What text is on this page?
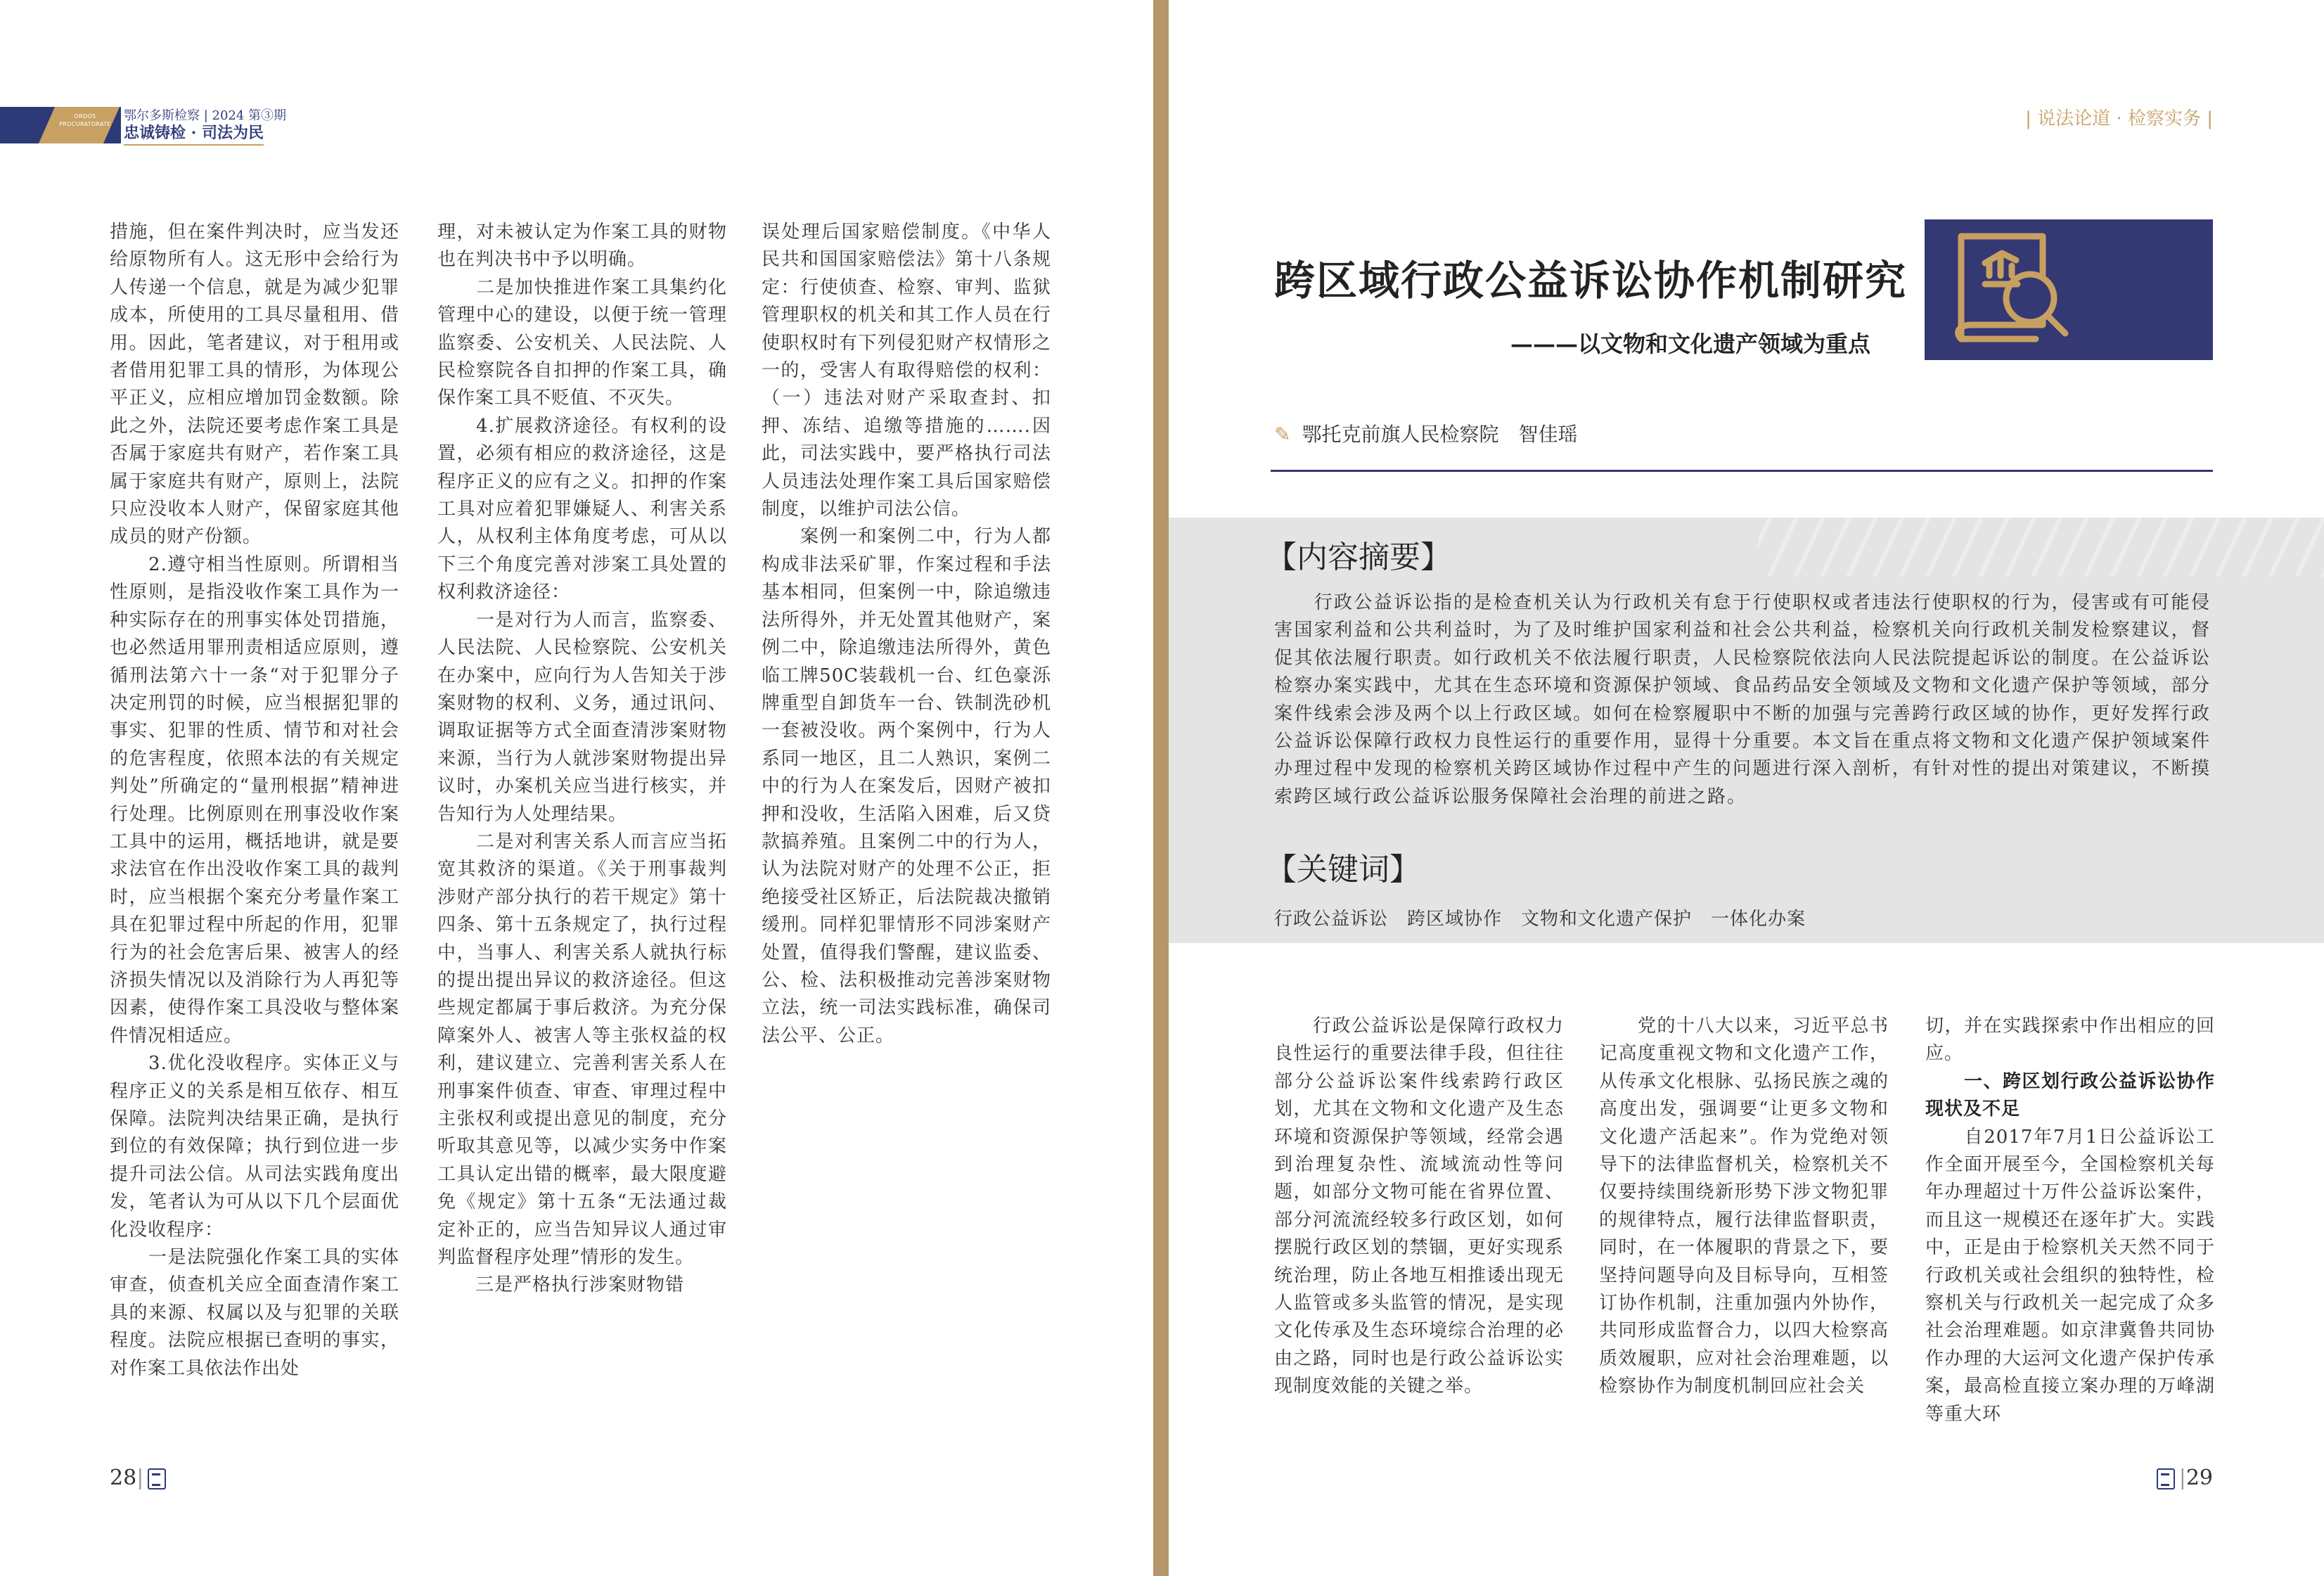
ORDOS
PROCURATORATE
鄂尔多斯检察 | 2024 第③期
忠诚铸检 · 司法为民

措施，但在案件判决时，应当发还给原物所有人。这无形中会给行为人传递一个信息，就是为减少犯罪成本，所使用的工具尽量租用、借用。因此，笔者建议，对于租用或者借用犯罪工具的情形，为体现公平正义，应相应增加罚金数额。除此之外，法院还要考虑作案工具是否属于家庭共有财产，若作案工具属于家庭共有财产，原则上，法院只应没收本人财产，保留家庭其他成员的财产份额。

　　2.遵守相当性原则。所谓相当性原则，是指没收作案工具作为一种实际存在的刑事实体处罚措施，也必然适用罪刑责相适应原则，遵循刑法第六十一条“对于犯罪分子决定刑罚的时候，应当根据犯罪的事实、犯罪的性质、情节和对社会的危害程度，依照本法的有关规定判处”所确定的“量刑根据”精神进行处理。比例原则在刑事没收作案工具中的运用，概括地讲，就是要求法官在作出没收作案工具的裁判时，应当根据个案充分考量作案工具在犯罪过程中所起的作用，犯罪行为的社会危害后果、被害人的经济损失情况以及消除行为人再犯等因素，使得作案工具没收与整体案件情况相适应。

　　3.优化没收程序。实体正义与程序正义的关系是相互依存、相互保障。法院判决结果正确，是执行到位的有效保障；执行到位进一步提升司法公信。从司法实践角度出发，笔者认为可从以下几个层面优化没收程序：

　　一是法院强化作案工具的实体审查，侦查机关应全面查清作案工具的来源、权属以及与犯罪的关联程度。法院应根据已查明的事实，对作案工具依法作出处

理，对未被认定为作案工具的财物也在判决书中予以明确。

　　二是加快推进作案工具集约化管理中心的建设，以便于统一管理监察委、公安机关、人民法院、人民检察院各自扣押的作案工具，确保作案工具不贬值、不灭失。

　　4.扩展救济途径。有权利的设置，必须有相应的救济途径，这是程序正义的应有之义。扣押的作案工具对应着犯罪嫌疑人、利害关系人，从权利主体角度考虑，可从以下三个角度完善对涉案工具处置的权利救济途径：

　　一是对行为人而言，监察委、人民法院、人民检察院、公安机关在办案中，应向行为人告知关于涉案财物的权利、义务，通过讯问、调取证据等方式全面查清涉案财物来源，当行为人就涉案财物提出异议时，办案机关应当进行核实，并告知行为人处理结果。

　　二是对利害关系人而言应当拓宽其救济的渠道。《关于刑事裁判涉财产部分执行的若干规定》第十四条、第十五条规定了，执行过程中，当事人、利害关系人就执行标的提出提出异议的救济途径。但这些规定都属于事后救济。为充分保障案外人、被害人等主张权益的权利，建议建立、完善利害关系人在刑事案件侦查、审查、审理过程中主张权利或提出意见的制度，充分听取其意见等，以减少实务中作案工具认定出错的概率，最大限度避免《规定》第十五条“无法通过裁定补正的，应当告知异议人通过审判监督程序处理”情形的发生。

　　三是严格执行涉案财物错

误处理后国家赔偿制度。《中华人民共和国国家赔偿法》第十八条规定：行使侦查、检察、审判、监狱管理职权的机关和其工作人员在行使职权时有下列侵犯财产权情形之一的，受害人有取得赔偿的权利：（一）违法对财产采取查封、扣押、冻结、追缴等措施的…….因此，司法实践中，要严格执行司法人员违法处理作案工具后国家赔偿制度，以维护司法公信。

　　案例一和案例二中，行为人都构成非法采矿罪，作案过程和手法基本相同，但案例一中，除追缴违法所得外，并无处置其他财产，案例二中，除追缴违法所得外，黄色临工牌50C装载机一台、红色豪泺牌重型自卸货车一台、铁制洗砂机一套被没收。两个案例中，行为人系同一地区，且二人熟识，案例二中的行为人在案发后，因财产被扣押和没收，生活陷入困难，后又贷款搞养殖。且案例二中的行为人，认为法院对财产的处理不公正，拒绝接受社区矫正，后法院裁决撤销缓刑。同样犯罪情形不同涉案财产处置，值得我们警醒，建议监委、公、检、法积极推动完善涉案财物立法，统一司法实践标准，确保司法公平、公正。

28|
| 说法论道 · 检察实务 |
跨区域行政公益诉讼协作机制研究
———以文物和文化遗产领域为重点
✎ 鄂托克前旗人民检察院　智佳瑶
【内容摘要】
　　行政公益诉讼指的是检查机关认为行政机关有怠于行使职权或者违法行使职权的行为，侵害或有可能侵害国家利益和公共利益时，为了及时维护国家利益和社会公共利益，检察机关向行政机关制发检察建议，督促其依法履行职责。如行政机关不依法履行职责，人民检察院依法向人民法院提起诉讼的制度。在公益诉讼检察办案实践中，尤其在生态环境和资源保护领域、食品药品安全领域及文物和文化遗产保护等领域，部分案件线索会涉及两个以上行政区域。如何在检察履职中不断的加强与完善跨行政区域的协作，更好发挥行政公益诉讼保障行政权力良性运行的重要作用，显得十分重要。本文旨在重点将文物和文化遗产保护领域案件办理过程中发现的检察机关跨区域协作过程中产生的问题进行深入剖析，有针对性的提出对策建议，不断摸索跨区域行政公益诉讼服务保障社会治理的前进之路。
【关键词】
行政公益诉讼　跨区域协作　文物和文化遗产保护　一体化办案

　　行政公益诉讼是保障行政权力良性运行的重要法律手段，但往往部分公益诉讼案件线索跨行政区划，尤其在文物和文化遗产及生态环境和资源保护等领域，经常会遇到治理复杂性、流域流动性等问题，如部分文物可能在省界位置、部分河流流经较多行政区划，如何摆脱行政区划的禁锢，更好实现系统治理，防止各地互相推诿出现无人监管或多头监管的情况，是实现文化传承及生态环境综合治理的必由之路，同时也是行政公益诉讼实现制度效能的关键之举。

　　党的十八大以来，习近平总书记高度重视文物和文化遗产工作，从传承文化根脉、弘扬民族之魂的高度出发，强调要“让更多文物和文化遗产活起来”。作为党绝对领导下的法律监督机关，检察机关不仅要持续围绕新形势下涉文物犯罪的规律特点，履行法律监督职责，同时，在一体履职的背景之下，要坚持问题导向及目标导向，互相签订协作机制，注重加强内外协作，共同形成监督合力，以四大检察高质效履职，应对社会治理难题，以检察协作为制度机制回应社会关

切，并在实践探索中作出相应的回应。

　　一、跨区划行政公益诉讼协作现状及不足

　　自2017年7月1日公益诉讼工作全面开展至今，全国检察机关每年办理超过十万件公益诉讼案件，而且这一规模还在逐年扩大。实践中，正是由于检察机关天然不同于行政机关或社会组织的独特性，检察机关与行政机关一起完成了众多社会治理难题。如京津冀鲁共同协作办理的大运河文化遗产保护传承案，最高检直接立案办理的万峰湖等重大环

|29
